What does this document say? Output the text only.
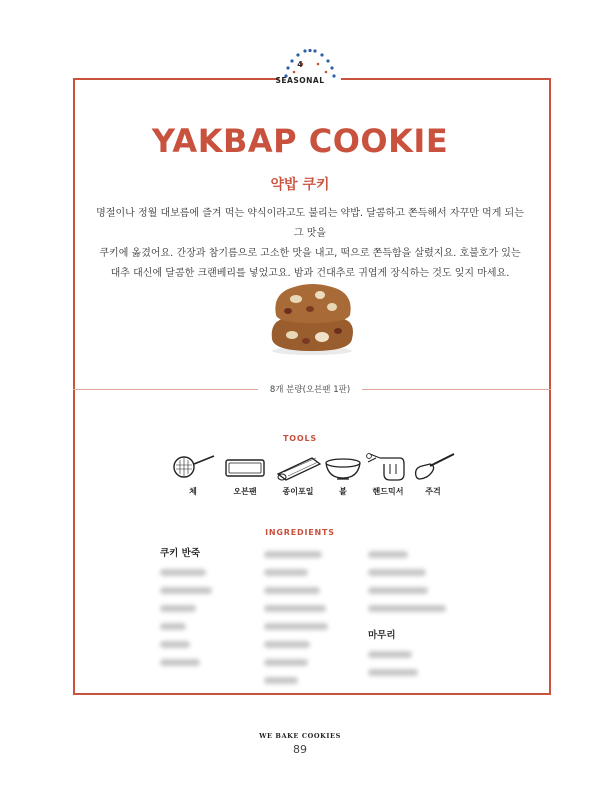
4
SEASONAL
YAKBAP COOKIE
약밥 쿠키
명절이나 정월 대보름에 즐겨 먹는 약식이라고도 불리는 약밥. 달콤하고 쫀득해서 자꾸만 먹게 되는 그 맛을
쿠키에 옮겼어요. 간장과 참기름으로 고소한 맛을 내고, 떡으로 쫀득함을 살렸지요. 호불호가 있는
대추 대신에 달콤한 크랜베리를 넣었고요. 밤과 건대추로 귀엽게 장식하는 것도 잊지 마세요.
8개 분량(오븐팬 1판)
TOOLS
체	오븐팬	종이포일	볼	핸드믹서	주걱
INGREDIENTS
쿠키 반죽
마무리
WE BAKE COOKIES
89
